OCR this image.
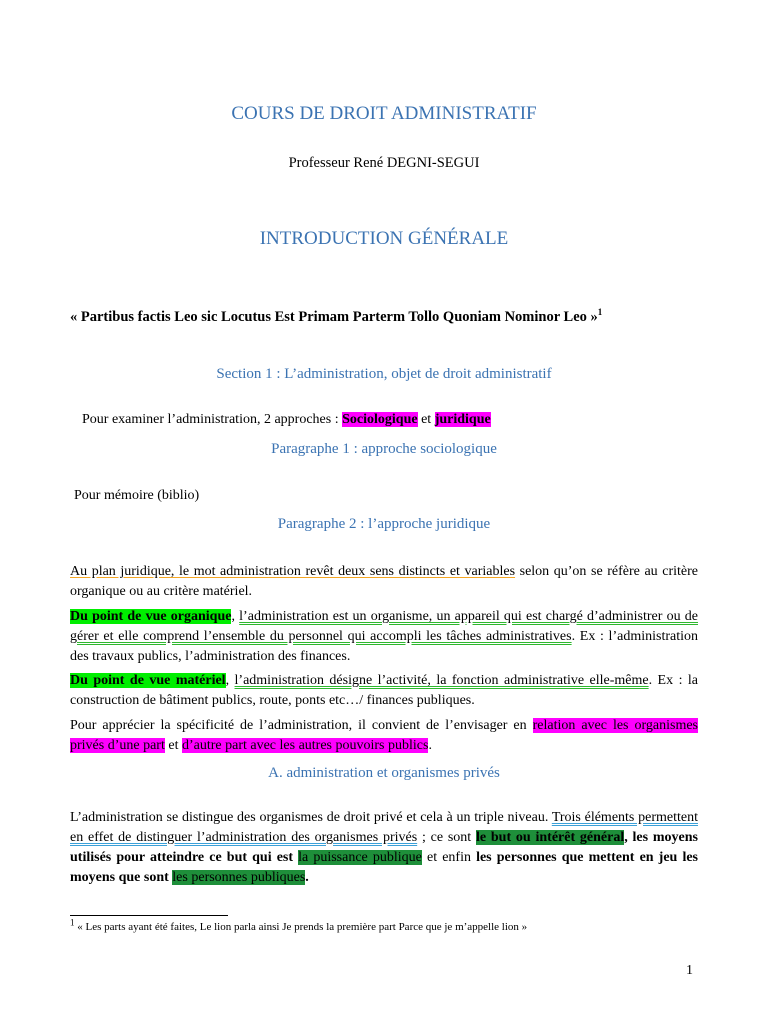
COURS DE DROIT ADMINISTRATIF
Professeur René DEGNI-SEGUI
INTRODUCTION GÉNÉRALE
« Partibus factis Leo sic Locutus Est Primam Parterm Tollo Quoniam Nominor Leo »$^1$
Section 1 : L’administration, objet de droit administratif
Pour examiner l’administration, 2 approches : Sociologique et juridique
Paragraphe 1 : approche sociologique
Pour mémoire (biblio)
Paragraphe 2 : l’approche juridique
Au plan juridique, le mot administration revêt deux sens distincts et variables selon qu’on se réfère au critère organique ou au critère matériel.
Du point de vue organique, l’administration est un organisme, un appareil qui est chargé d’administrer ou de gérer et elle comprend l’ensemble du personnel qui accompli les tâches administratives. Ex : l’administration des travaux publics, l’administration des finances.
Du point de vue matériel, l’administration désigne l’activité, la fonction administrative elle-même. Ex : la construction de bâtiment publics, route, ponts etc…/ finances publiques.
Pour apprécier la spécificité de l’administration, il convient de l’envisager en relation avec les organismes privés d’une part et d’autre part avec les autres pouvoirs publics.
A. administration et organismes privés
L’administration se distingue des organismes de droit privé et cela à un triple niveau. Trois éléments permettent en effet de distinguer l’administration des organismes privés ; ce sont le but ou intérêt général, les moyens utilisés pour atteindre ce but qui est la puissance publique et enfin les personnes que mettent en jeu les moyens que sont les personnes publiques.
$^1$ « Les parts ayant été faites, Le lion parla ainsi Je prends la première part Parce que je m’appelle lion »
1
